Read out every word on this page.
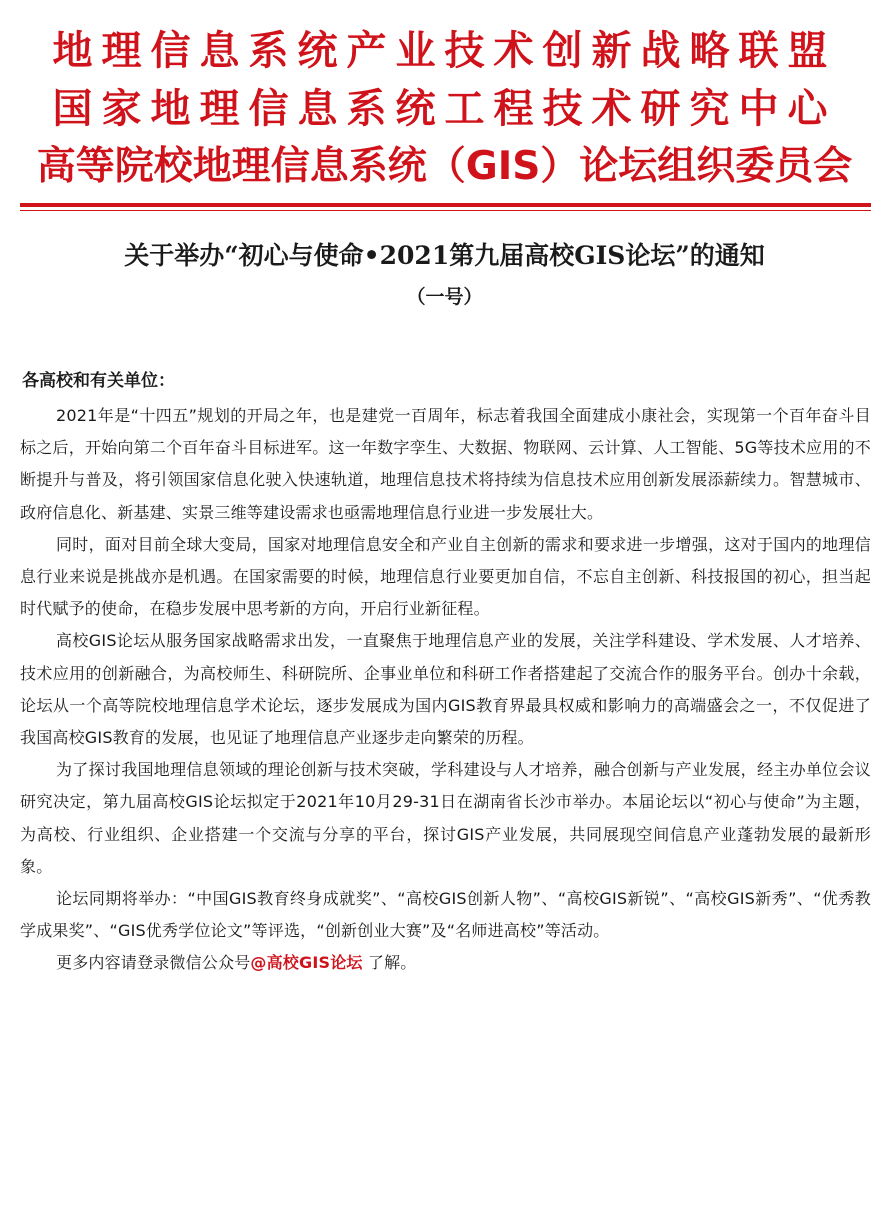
地理信息系统产业技术创新战略联盟
国家地理信息系统工程技术研究中心
高等院校地理信息系统（GIS）论坛组织委员会
关于举办“初心与使命•2021第九届高校GIS论坛”的通知
（一号）
各高校和有关单位：

2021年是“十四五”规划的开局之年，也是建党一百周年，标志着我国全面建成小康社会，实现第一个百年奋斗目标之后，开始向第二个百年奋斗目标进军。这一年数字孪生、大数据、物联网、云计算、人工智能、5G等技术应用的不断提升与普及，将引领国家信息化驶入快速轨道，地理信息技术将持续为信息技术应用创新发展添薪续力。智慧城市、政府信息化、新基建、实景三维等建设需求也亟需地理信息行业进一步发展壮大。

同时，面对目前全球大变局，国家对地理信息安全和产业自主创新的需求和要求进一步增强，这对于国内的地理信息行业来说是挑战亦是机遇。在国家需要的时候，地理信息行业要更加自信，不忘自主创新、科技报国的初心，担当起时代赋予的使命，在稳步发展中思考新的方向，开启行业新征程。

高校GIS论坛从服务国家战略需求出发，一直聚焦于地理信息产业的发展，关注学科建设、学术发展、人才培养、技术应用的创新融合，为高校师生、科研院所、企事业单位和科研工作者搭建起了交流合作的服务平台。创办十余载，论坛从一个高等院校地理信息学术论坛，逐步发展成为国内GIS教育界最具权威和影响力的高端盛会之一，不仅促进了我国高校GIS教育的发展，也见证了地理信息产业逐步走向繁荣的历程。

为了探讨我国地理信息领域的理论创新与技术突破，学科建设与人才培养，融合创新与产业发展，经主办单位会议研究决定，第九届高校GIS论坛拟定于2021年10月29-31日在湖南省长沙市举办。本届论坛以“初心与使命”为主题，为高校、行业组织、企业搭建一个交流与分享的平台，探讨GIS产业发展，共同展现空间信息产业蓬勃发展的最新形象。

论坛同期将举办：“中国GIS教育终身成就奖”、“高校GIS创新人物”、“高校GIS新锐”、“高校GIS新秀”、“优秀教学成果奖”、“GIS优秀学位论文”等评选，“创新创业大赛”及“名师进高校”等活动。

更多内容请登录微信公众号@高校GIS论坛 了解。
